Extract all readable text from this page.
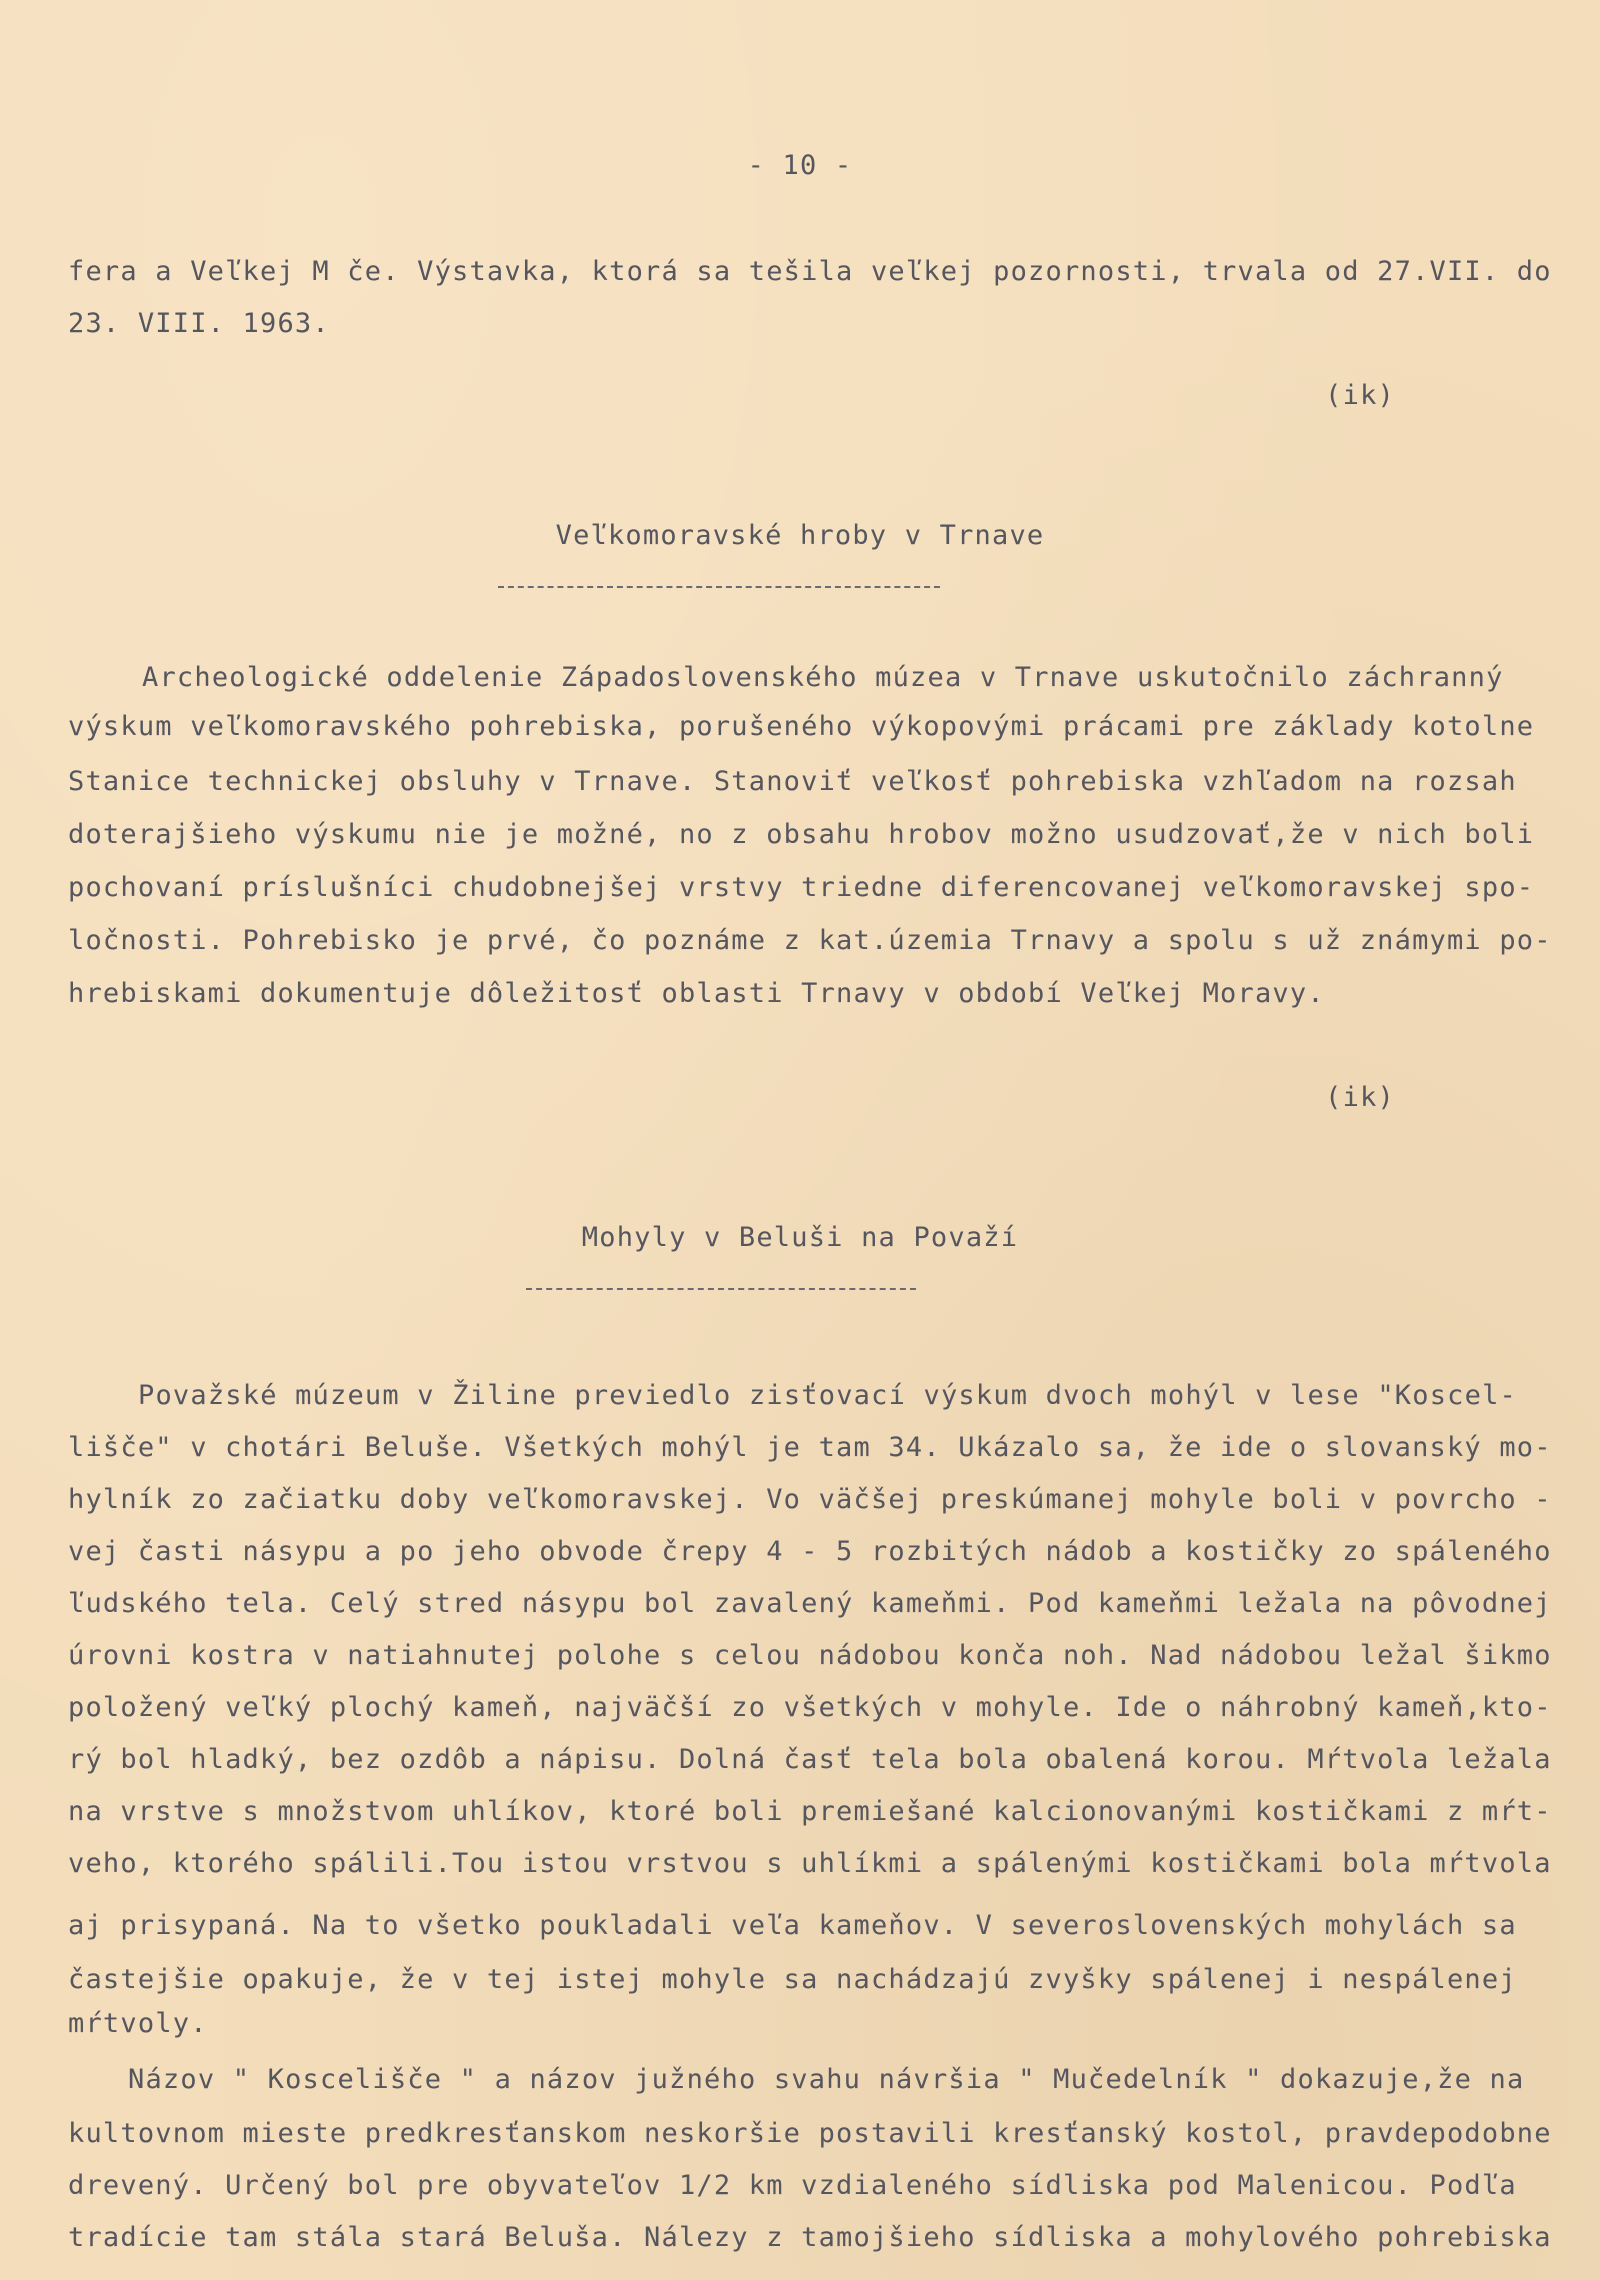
- 10 -
fera a Veľkej M če. Výstavka, ktorá sa tešila veľkej pozornosti, trvala od 27.VII. do
23. VIII. 1963.
(ik)
Veľkomoravské hroby v Trnave
Archeologické oddelenie Západoslovenského múzea v Trnave uskutočnilo záchranný
výskum veľkomoravského pohrebiska, porušeného výkopovými prácami pre základy kotolne
Stanice technickej obsluhy v Trnave. Stanoviť veľkosť pohrebiska vzhľadom na rozsah
doterajšieho výskumu nie je možné, no z obsahu hrobov možno usudzovať,že v nich boli
pochovaní príslušníci chudobnejšej vrstvy triedne diferencovanej veľkomoravskej spo-
ločnosti. Pohrebisko je prvé, čo poznáme z kat.územia Trnavy a spolu s už známymi po-
hrebiskami dokumentuje dôležitosť oblasti Trnavy v období Veľkej Moravy.
(ik)
Mohyly v Beluši na Považí
Považské múzeum v Žiline previedlo zisťovací výskum dvoch mohýl v lese "Koscel-
lišče" v chotári Beluše. Všetkých mohýl je tam 34. Ukázalo sa, že ide o slovanský mo-
hylník zo začiatku doby veľkomoravskej. Vo väčšej preskúmanej mohyle boli v povrcho -
vej časti násypu a po jeho obvode črepy 4 - 5 rozbitých nádob a kostičky zo spáleného
ľudského tela. Celý stred násypu bol zavalený kameňmi. Pod kameňmi ležala na pôvodnej
úrovni kostra v natiahnutej polohe s celou nádobou konča noh. Nad nádobou ležal šikmo
položený veľký plochý kameň, najväčší zo všetkých v mohyle. Ide o náhrobný kameň,kto-
rý bol hladký, bez ozdôb a nápisu. Dolná časť tela bola obalená korou. Mŕtvola ležala
na vrstve s množstvom uhlíkov, ktoré boli premiešané kalcionovanými kostičkami z mŕt-
veho, ktorého spálili.Tou istou vrstvou s uhlíkmi a spálenými kostičkami bola mŕtvola
aj prisypaná. Na to všetko poukladali veľa kameňov. V severoslovenských mohylách sa
častejšie opakuje, že v tej istej mohyle sa nachádzajú zvyšky spálenej i nespálenej
mŕtvoly.
Názov " Koscelišče " a názov južného svahu návršia " Mučedelník " dokazuje,že na
kultovnom mieste predkresťanskom neskoršie postavili kresťanský kostol, pravdepodobne
drevený. Určený bol pre obyvateľov 1/2 km vzdialeného sídliska pod Malenicou. Podľa
tradície tam stála stará Beluša. Nálezy z tamojšieho sídliska a mohylového pohrebiska
